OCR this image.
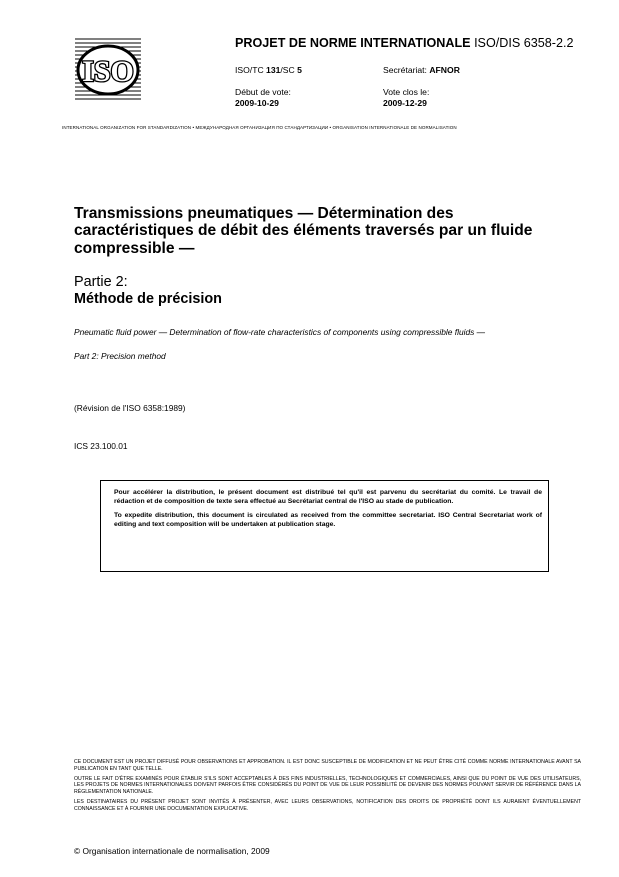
ISO
PROJET DE NORME INTERNATIONALE ISO/DIS 6358-2.2
ISO/TC 131/SC 5	Secrétariat: AFNOR
Début de vote:
2009-10-29
Vote clos le:
2009-12-29
INTERNATIONAL ORGANIZATION FOR STANDARDIZATION • МЕЖДУНАРОДНАЯ ОРГАНИЗАЦИЯ ПО СТАНДАРТИЗАЦИИ • ORGANISATION INTERNATIONALE DE NORMALISATION
Transmissions pneumatiques — Détermination des caractéristiques de débit des éléments traversés par un fluide compressible —
Partie 2:
Méthode de précision
Pneumatic fluid power — Determination of flow-rate characteristics of components using compressible fluids —
Part 2: Precision method
(Révision de l'ISO 6358:1989)
ICS 23.100.01

Pour accélérer la distribution, le présent document est distribué tel qu'il est parvenu du secrétariat du comité. Le travail de rédaction et de composition de texte sera effectué au Secrétariat central de l'ISO au stade de publication.

To expedite distribution, this document is circulated as received from the committee secretariat. ISO Central Secretariat work of editing and text composition will be undertaken at publication stage.

CE DOCUMENT EST UN PROJET DIFFUSÉ POUR OBSERVATIONS ET APPROBATION. IL EST DONC SUSCEPTIBLE DE MODIFICATION ET NE PEUT ÊTRE CITÉ COMME NORME INTERNATIONALE AVANT SA PUBLICATION EN TANT QUE TELLE.

OUTRE LE FAIT D'ÊTRE EXAMINÉS POUR ÉTABLIR S'ILS SONT ACCEPTABLES À DES FINS INDUSTRIELLES, TECHNOLOGIQUES ET COMMERCIALES, AINSI QUE DU POINT DE VUE DES UTILISATEURS, LES PROJETS DE NORMES INTERNATIONALES DOIVENT PARFOIS ÊTRE CONSIDÉRÉS DU POINT DE VUE DE LEUR POSSIBILITÉ DE DEVENIR DES NORMES POUVANT SERVIR DE RÉFÉRENCE DANS LA RÉGLEMENTATION NATIONALE.

LES DESTINATAIRES DU PRÉSENT PROJET SONT INVITÉS À PRÉSENTER, AVEC LEURS OBSERVATIONS, NOTIFICATION DES DROITS DE PROPRIÉTÉ DONT ILS AURAIENT ÉVENTUELLEMENT CONNAISSANCE ET À FOURNIR UNE DOCUMENTATION EXPLICATIVE.

© Organisation internationale de normalisation, 2009
